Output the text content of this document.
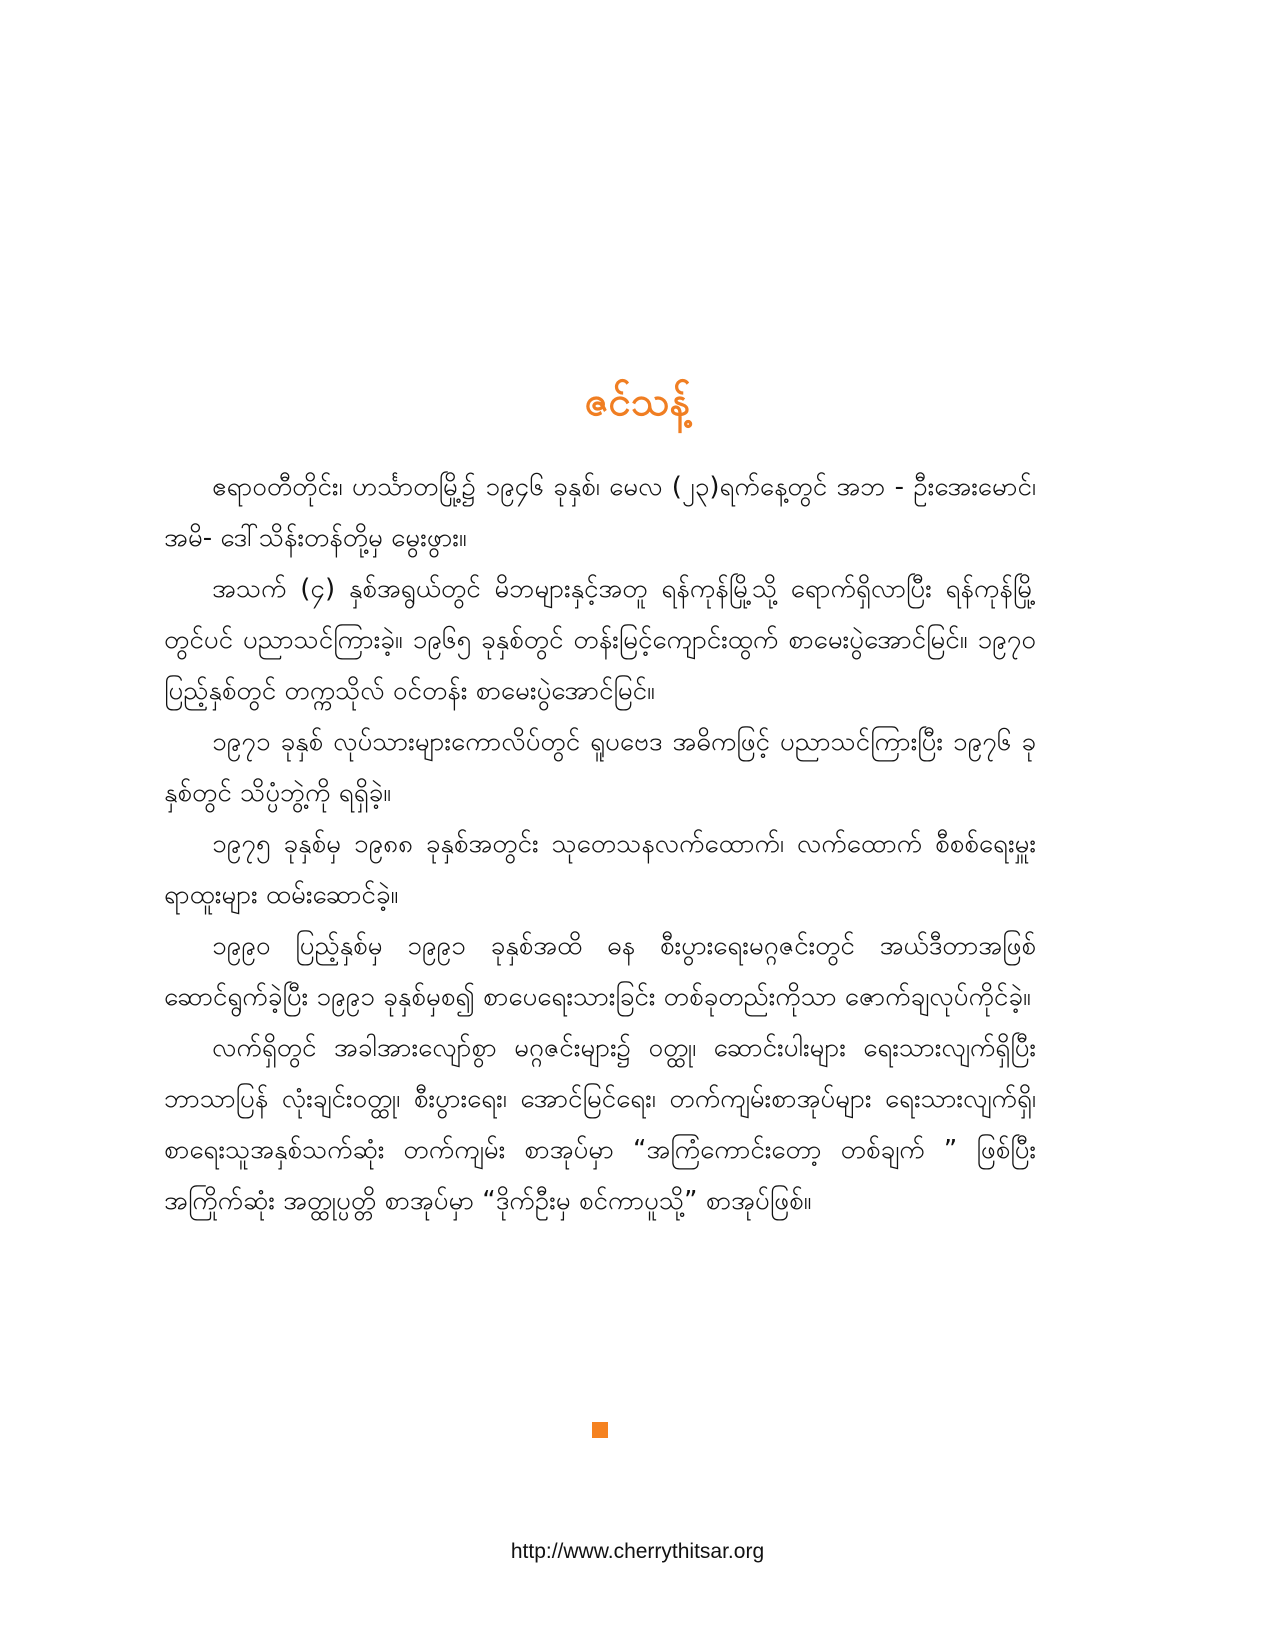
ဇင်သန့်

ဧရာဝတီတိုင်း၊ ဟင်္သာတမြို့၌ ၁၉၄၆ ခုနှစ်၊ မေလ (၂၃)ရက်နေ့တွင် အဘ - ဦးအေးမောင်၊ အမိ- ဒေါ်သိန်းတန်တို့မှ မွေးဖွား။

အသက် (၄) နှစ်အရွယ်တွင် မိဘများနှင့်အတူ ရန်ကုန်မြို့သို့ ရောက်ရှိလာပြီး ရန်ကုန်မြို့တွင်ပင် ပညာသင်ကြားခဲ့။ ၁၉၆၅ ခုနှစ်တွင် တန်းမြင့်ကျောင်းထွက် စာမေးပွဲအောင်မြင်။ ၁၉၇၀ ပြည့်နှစ်တွင် တက္ကသိုလ် ဝင်တန်း စာမေးပွဲအောင်မြင်။

၁၉၇၁ ခုနှစ် လုပ်သားများကောလိပ်တွင် ရူပဗေဒ အဓိကဖြင့် ပညာသင်ကြားပြီး ၁၉၇၆ ခုနှစ်တွင် သိပ္ပံဘွဲ့ကို ရရှိခဲ့။

၁၉၇၅ ခုနှစ်မှ ၁၉၈၈ ခုနှစ်အတွင်း သုတေသနလက်ထောက်၊ လက်ထောက် စီစစ်ရေးမှူးရာထူးများ ထမ်းဆောင်ခဲ့။

၁၉၉၀ ပြည့်နှစ်မှ ၁၉၉၁ ခုနှစ်အထိ ဓန စီးပွားရေးမဂ္ဂဇင်းတွင် အယ်ဒီတာအဖြစ် ဆောင်ရွက်ခဲ့ပြီး ၁၉၉၁ ခုနှစ်မှစ၍ စာပေရေးသားခြင်း တစ်ခုတည်းကိုသာ ဇောက်ချလုပ်ကိုင်ခဲ့။

လက်ရှိတွင် အခါအားလျော်စွာ မဂ္ဂဇင်းများ၌ ဝတ္ထု၊ ဆောင်းပါးများ ရေးသားလျက်ရှိပြီး ဘာသာပြန် လုံးချင်းဝတ္ထု၊ စီးပွားရေး၊ အောင်မြင်ရေး၊ တက်ကျမ်းစာအုပ်များ ရေးသားလျက်ရှိ၊ စာရေးသူအနှစ်သက်ဆုံး တက်ကျမ်း စာအုပ်မှာ “အကြံကောင်းတော့ တစ်ချက် ” ဖြစ်ပြီး အကြိုက်ဆုံး အတ္ထုပ္ပတ္တိ စာအုပ်မှာ “ဒိုက်ဦးမှ စင်ကာပူသို့” စာအုပ်ဖြစ်။

http://www.cherrythitsar.org
